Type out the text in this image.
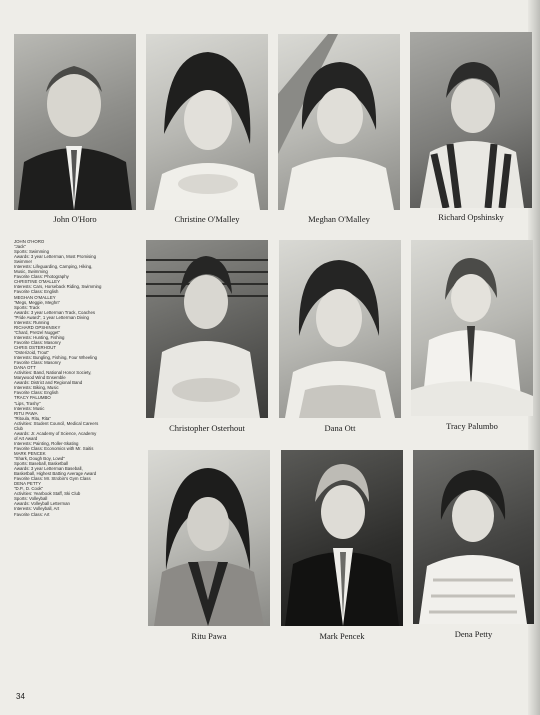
John O'Horo	Christine O'Malley	Meghan O'Malley	Richard Opshinsky
JOHN O'HORO
"Jack"
Sports: Swimming
Awards: 3 year Letterman, Most Promising
Swimmer
Interests: Lifeguarding, Camping, Hiking,
Music, Swimming
Favorite Class: Photography
CHRISTINE O'MALLEY
Interests: Cars, Horseback Riding, Swimming
Favorite Class: English
MEGHAN O'MALLEY
"Megs, Meggie, Meghn"
Sports: Track
Awards: 3 year Letterman Track, Coaches
"Pride Award", 1 year Letterman Diving
Interests: Running
RICHARD OPSHINSKY
"Chard, Pretzel Nugget"
Interests: Hunting, Fishing
Favorite Class: Masonry
CHRIS OSTERHOUT
"Osterizoid, Trout"
Interests: Bungling, Fishing, Four Wheeling
Favorite Class: Masonry
DANA OTT
Activities: Band, National Honor Society,
Marywood Wind Ensemble
Awards: District and Regional Band
Interests: Biking, Music
Favorite Class: English
TRACY PALUMBO
"Lips, Trashy"
Interests: Music
RITU PAWA
"Ritoula, Ritu, Rita"
Activities: Student Council, Medical Careers
Club
Awards: Jr. Academy of Science, Academy
of Art Award
Interests: Painting, Roller-Skating
Favorite Class: Economics with Mr. Saitis
MARK PENCEK
"Shark, Dough Boy, Lowd"
Sports: Baseball, Basketball
Awards: 3 year Letterman Baseball,
Basketball, Highest Batting Average Award
Favorite Class: Mr. Strobin's Gym Class
DENA PETTY
"D.P., D. Cook"
Activities: Yearbook Staff, Ski Club
Sports: Volleyball
Awards: Volleyball Letterman
Interests: Volleyball, Art
Favorite Class: Art
Christopher Osterhout	Dana Ott	Tracy Palumbo
Ritu Pawa	Mark Pencek	Dena Petty
34
